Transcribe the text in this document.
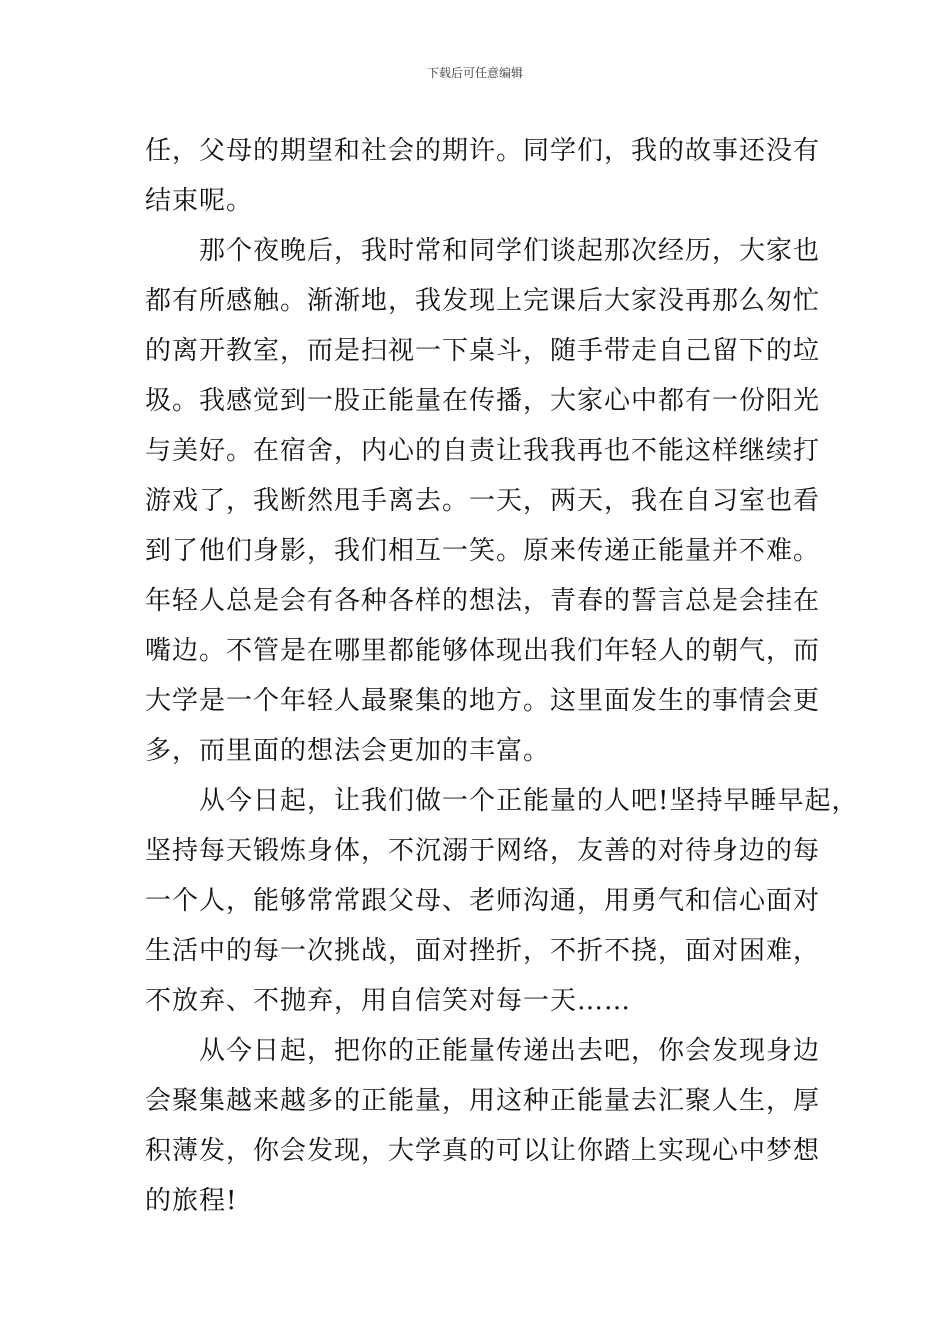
下载后可任意编辑
任，父母的期望和社会的期许。同学们，我的故事还没有
结束呢。
那个夜晚后，我时常和同学们谈起那次经历，大家也
都有所感触。渐渐地，我发现上完课后大家没再那么匆忙
的离开教室，而是扫视一下桌斗，随手带走自己留下的垃
圾。我感觉到一股正能量在传播，大家心中都有一份阳光
与美好。在宿舍，内心的自责让我我再也不能这样继续打
游戏了，我断然甩手离去。一天，两天，我在自习室也看
到了他们身影，我们相互一笑。原来传递正能量并不难。
年轻人总是会有各种各样的想法，青春的誓言总是会挂在
嘴边。不管是在哪里都能够体现出我们年轻人的朝气，而
大学是一个年轻人最聚集的地方。这里面发生的事情会更
多，而里面的想法会更加的丰富。
从今日起，让我们做一个正能量的人吧!坚持早睡早起，
坚持每天锻炼身体，不沉溺于网络，友善的对待身边的每
一个人，能够常常跟父母、老师沟通，用勇气和信心面对
生活中的每一次挑战，面对挫折，不折不挠，面对困难，
不放弃、不抛弃，用自信笑对每一天……
从今日起，把你的正能量传递出去吧，你会发现身边
会聚集越来越多的正能量，用这种正能量去汇聚人生，厚
积薄发，你会发现，大学真的可以让你踏上实现心中梦想
的旅程!
